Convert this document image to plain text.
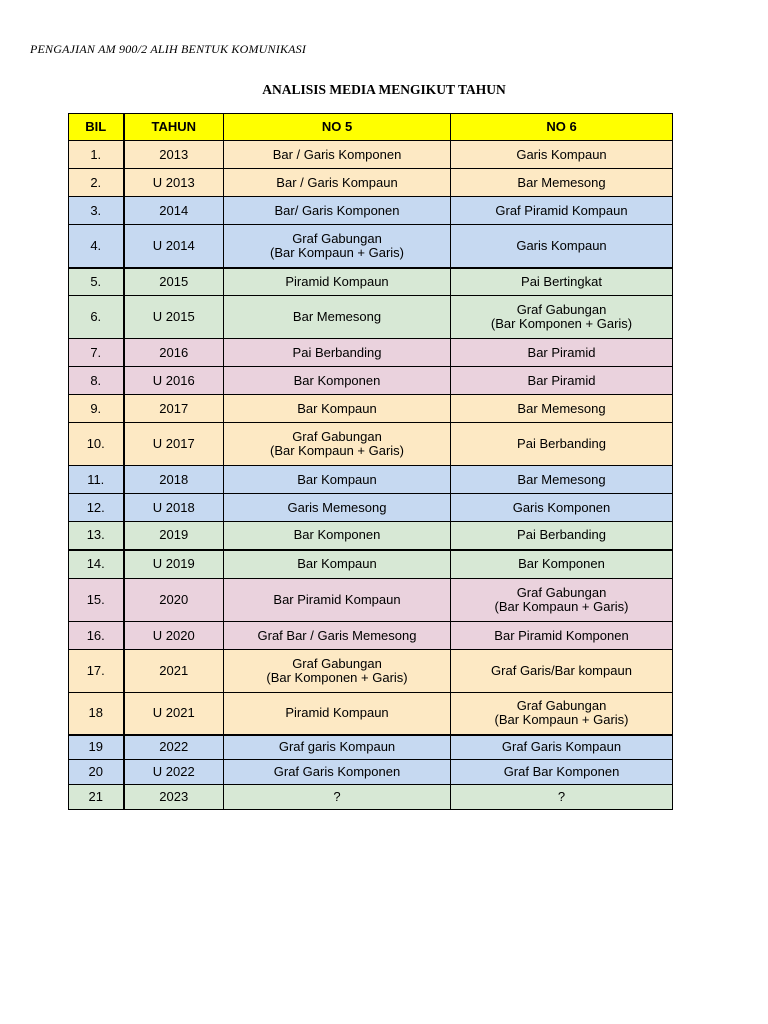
PENGAJIAN AM 900/2 ALIH BENTUK KOMUNIKASI
ANALISIS MEDIA MENGIKUT TAHUN
BIL	TAHUN	NO 5	NO 6
1.	2013	Bar / Garis Komponen	Garis Kompaun

2.	U 2013	Bar / Garis Kompaun	Bar Memesong

3.	2014	Bar/ Garis Komponen	Graf Piramid Kompaun

4.	U 2014	Graf Gabungan
(Bar Kompaun + Garis)	Garis Kompaun

5.	2015	Piramid Kompaun	Pai Bertingkat

6.	U 2015	Bar Memesong	Graf Gabungan
(Bar Komponen + Garis)

7.	2016	Pai Berbanding	Bar Piramid

8.	U 2016	Bar Komponen	Bar Piramid

9.	2017	Bar Kompaun	Bar Memesong

10.	U 2017	Graf Gabungan
(Bar Kompaun + Garis)	Pai Berbanding

11.	2018	Bar Kompaun	Bar Memesong

12.	U 2018	Garis Memesong	Garis Komponen

13.	2019	Bar Komponen	Pai Berbanding

14.	U 2019	Bar Kompaun	Bar Komponen

15.	2020	Bar Piramid Kompaun	Graf Gabungan
(Bar Kompaun + Garis)

16.	U 2020	Graf Bar / Garis Memesong	Bar Piramid Komponen

17.	2021	Graf Gabungan
(Bar Komponen + Garis)	Graf Garis/Bar kompaun

18	U 2021	Piramid Kompaun	Graf Gabungan
(Bar Kompaun + Garis)

19	2022	Graf garis Kompaun	Graf Garis Kompaun

20	U 2022	Graf Garis Komponen	Graf Bar Komponen

21	2023	?	?
